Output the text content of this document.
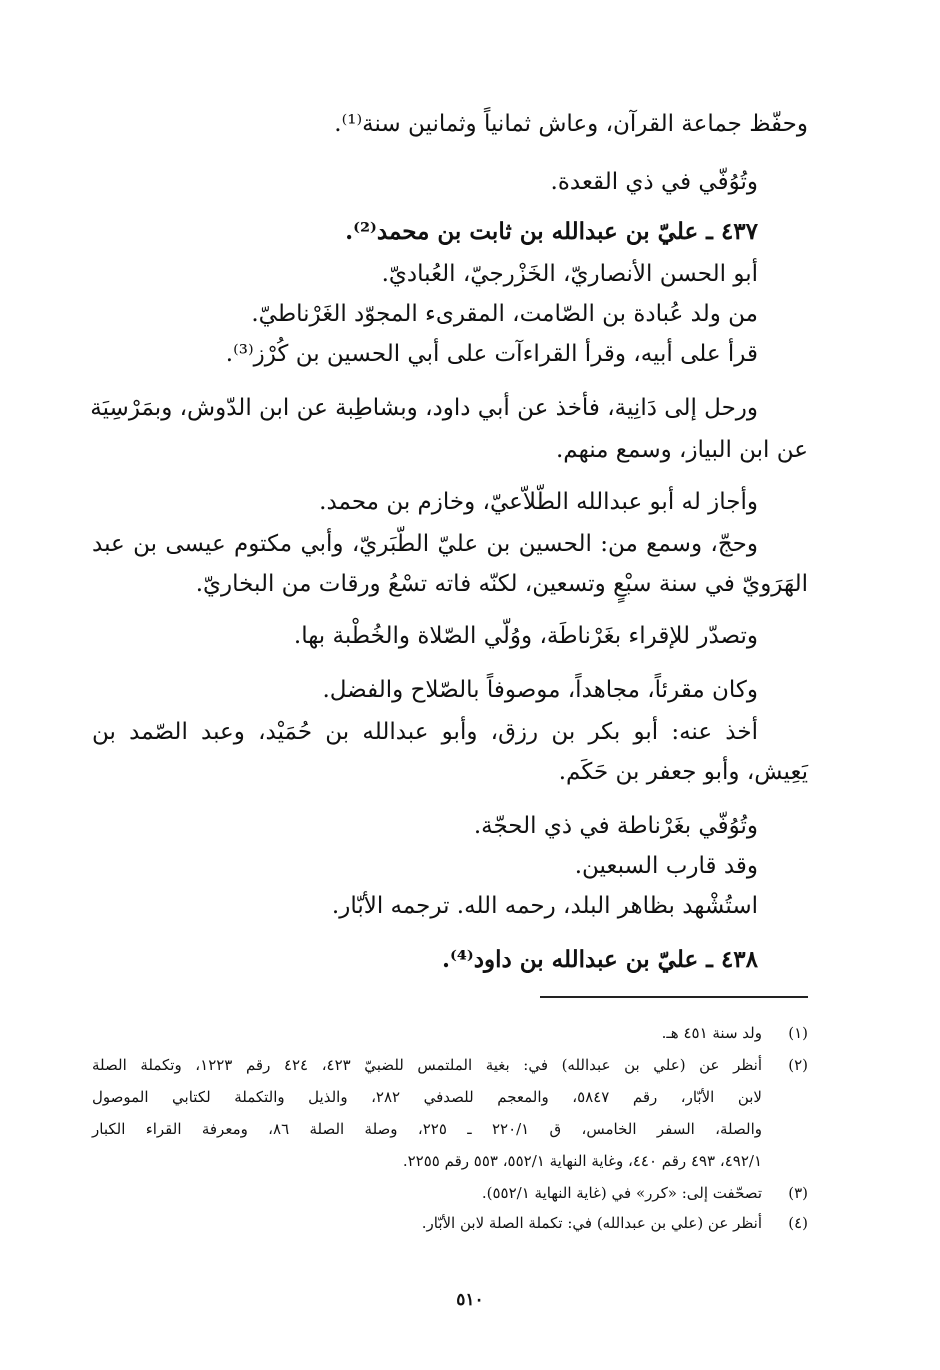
وحفّظ جماعة القرآن، وعاش ثمانياً وثمانين سنة⁽¹⁾.
وتُوُفّي في ذي القعدة.
٤٣٧ ـ عليّ بن عبدالله بن ثابت بن محمد⁽²⁾.
أبو الحسن الأنصاريّ، الخَزْرجيّ، العُباديّ.
من ولد عُبادة بن الصّامت، المقرىء المجوّد الغَرْناطيّ.
قرأ على أبيه، وقرأ القراءآت على أبي الحسين بن كُرْز⁽³⁾.
ورحل إلى دَانِية، فأخذ عن أبي داود، وبشاطِبة عن ابن الدّوش، وبمَرْسِيَة
عن ابن البياز، وسمع منهم.
وأجاز له أبو عبدالله الطّلاّعيّ، وخازم بن محمد.
وحجّ، وسمع من: الحسين بن عليّ الطّبَريّ، وأبي مكتوم عيسى بن عبد
الهَرَويّ في سنة سبْعٍ وتسعين، لكنّه فاته تسْعُ ورقات من البخاريّ.
وتصدّر للإقراء بغَرْناطَة، ووُلّي الصّلاة والخُطْبة بها.
وكان مقرئاً، مجاهداً، موصوفاً بالصّلاح والفضل.
أخذ عنه: أبو بكر بن رزق، وأبو عبدالله بن حُمَيْد، وعبد الصّمد بن
يَعِيش، وأبو جعفر بن حَكَم.
وتُوُفّي بغَرْناطة في ذي الحجّة.
وقد قارب السبعين.
استُشْهد بظاهر البلد، رحمه الله. ترجمه الأبّار.
٤٣٨ ـ عليّ بن عبدالله بن داود⁽⁴⁾.
(١)
ولد سنة ٤٥١ هـ.
(٢)
أنظر عن (علي بن عبدالله) في: بغية الملتمس للضبيّ ٤٢٣، ٤٢٤ رقم ١٢٢٣، وتكملة الصلة
لابن الأبّار، رقم ٥٨٤٧، والمعجم للصدفي ٢٨٢، والذيل والتكملة لكتابي الموصول
والصلة، السفر الخامس، ق ٢٢٠/١ ـ ٢٢٥، وصلة الصلة ٨٦، ومعرفة القراء الكبار
٤٩٢/١، ٤٩٣ رقم ٤٤٠، وغاية النهاية ٥٥٢/١، ٥٥٣ رقم ٢٢٥٥.
(٣)
تصحّفت إلى: «كرر» في (غاية النهاية ٥٥٢/١).
(٤)
أنظر عن (علي بن عبدالله) في: تكملة الصلة لابن الأبّار.
٥١٠
